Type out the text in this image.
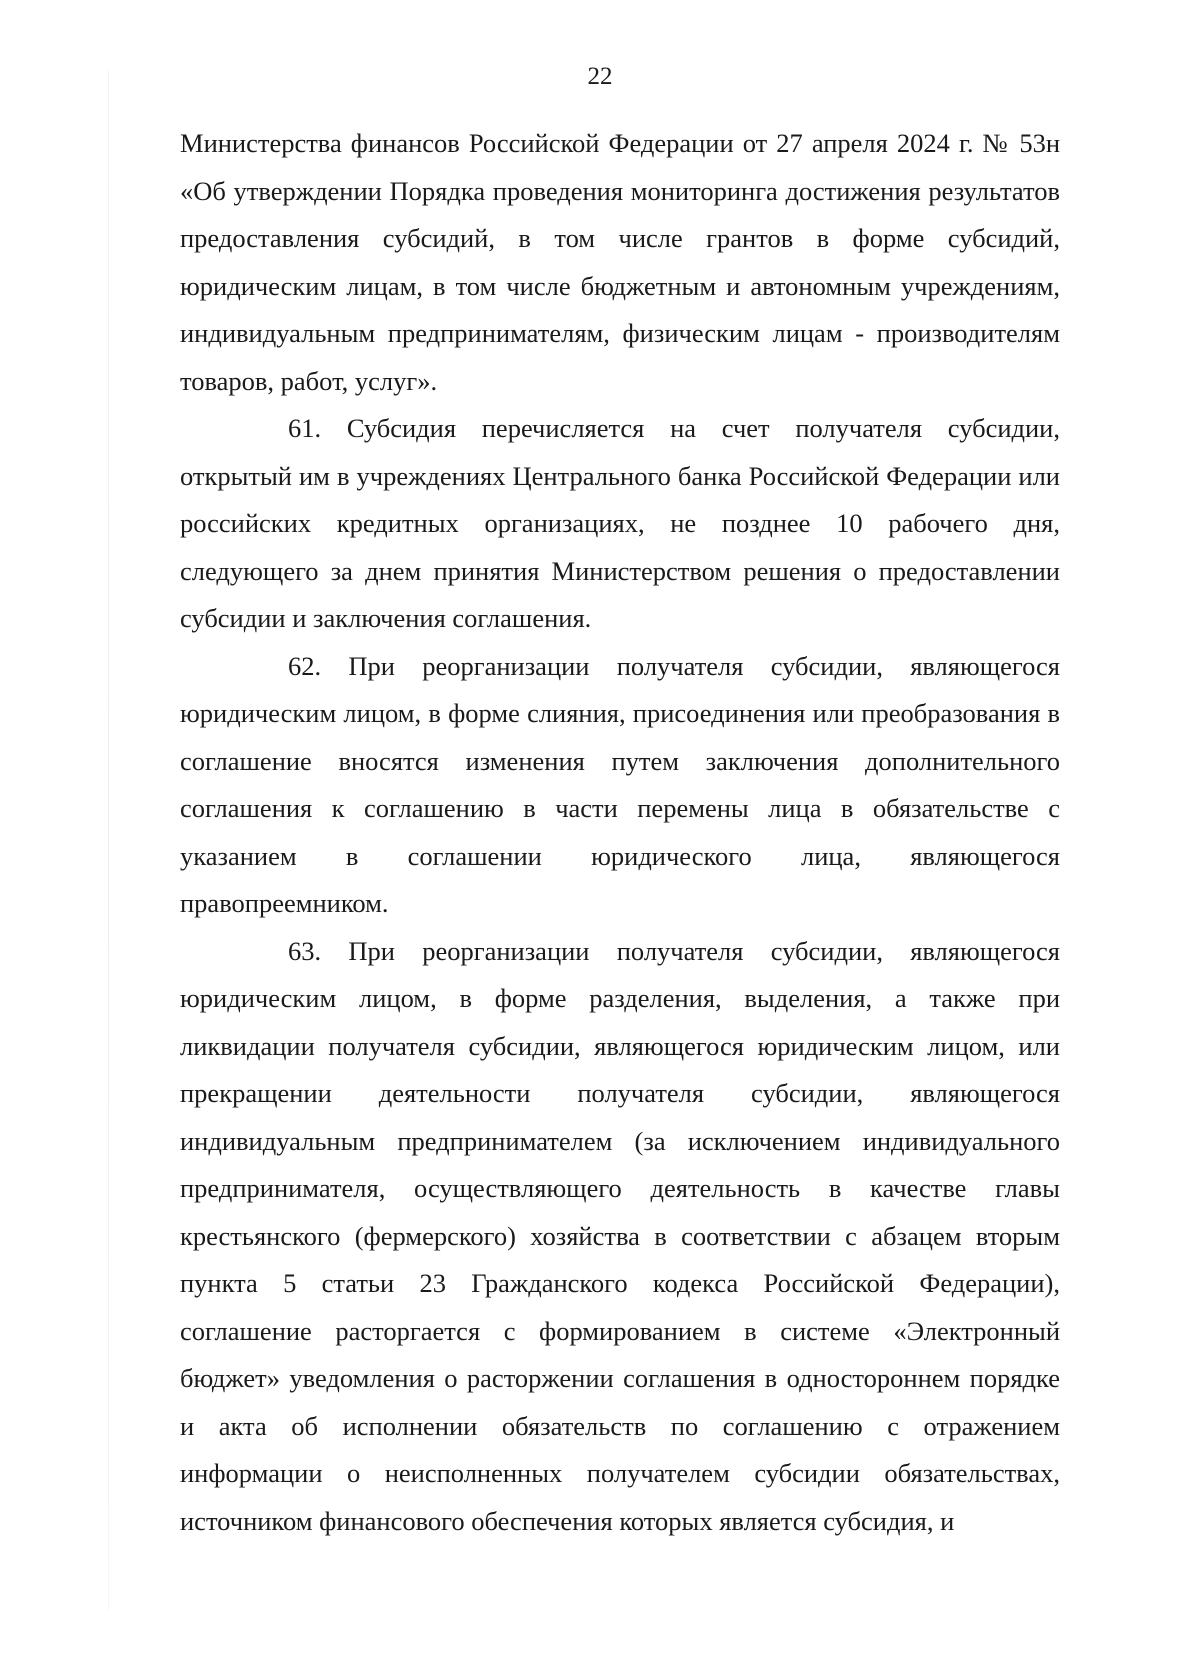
22

Министерства финансов Российской Федерации от 27 апреля 2024 г. № 53н «Об утверждении Порядка проведения мониторинга достижения результатов предоставления субсидий, в том числе грантов в форме субсидий, юридическим лицам, в том числе бюджетным и автономным учреждениям, индивидуальным предпринимателям, физическим лицам - производителям товаров, работ, услуг».

61. Субсидия перечисляется на счет получателя субсидии, открытый им в учреждениях Центрального банка Российской Федерации или российских кредитных организациях, не позднее 10 рабочего дня, следующего за днем принятия Министерством решения о предоставлении субсидии и заключения соглашения.

62. При реорганизации получателя субсидии, являющегося юридическим лицом, в форме слияния, присоединения или преобразования в соглашение вносятся изменения путем заключения дополнительного соглашения к соглашению в части перемены лица в обязательстве с указанием в соглашении юридического лица, являющегося правопреемником.

63. При реорганизации получателя субсидии, являющегося юридическим лицом, в форме разделения, выделения, а также при ликвидации получателя субсидии, являющегося юридическим лицом, или прекращении деятельности получателя субсидии, являющегося индивидуальным предпринимателем (за исключением индивидуального предпринимателя, осуществляющего деятельность в качестве главы крестьянского (фермерского) хозяйства в соответствии с абзацем вторым пункта 5 статьи 23 Гражданского кодекса Российской Федерации), соглашение расторгается с формированием в системе «Электронный бюджет» уведомления о расторжении соглашения в одностороннем порядке и акта об исполнении обязательств по соглашению с отражением информации о неисполненных получателем субсидии обязательствах, источником финансового обеспечения которых является субсидия, и
